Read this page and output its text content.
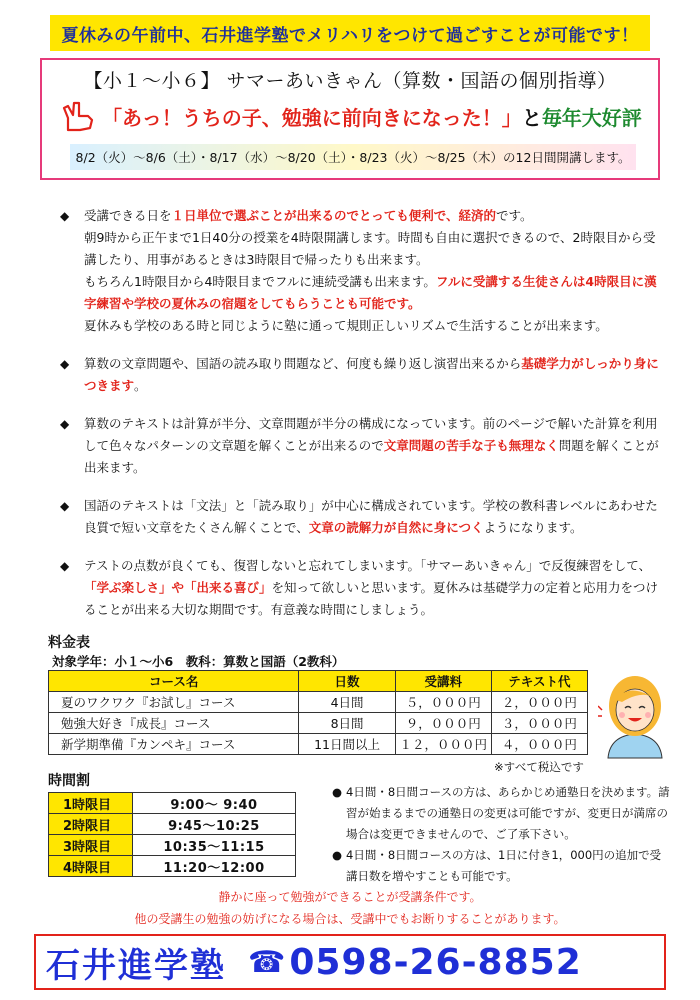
夏休みの午前中、石井進学塾でメリハリをつけて過ごすことが可能です！
【小１～小６】 サマーあいきゃん（算数・国語の個別指導）
「あっ！うちの子、勉強に前向きになった！」 と 毎年大好評
8/2（火）～8/6（土）・8/17（水）～8/20（土）・8/23（火）～8/25（木）の12日間開講します。
◆ 受講できる日を１日単位で選ぶことが出来るのでとっても便利で、経済的です。
朝9時から正午まで1日40分の授業を4時限開講します。時間も自由に選択できるので、2時限目から受講したり、用事があるときは3時限目で帰ったりも出来ます。
もちろん1時限目から4時限目までフルに連続受講も出来ます。フルに受講する生徒さんは4時限目に漢字練習や学校の夏休みの宿題をしてもらうことも可能です。
夏休みも学校のある時と同じように塾に通って規則正しいリズムで生活することが出来ます。
◆ 算数の文章問題や、国語の読み取り問題など、何度も繰り返し演習出来るから基礎学力がしっかり身につきます。
◆ 算数のテキストは計算が半分、文章問題が半分の構成になっています。前のページで解いた計算を利用して色々なパターンの文章題を解くことが出来るので文章問題の苦手な子も無理なく問題を解くことが出来ます。
◆ 国語のテキストは「文法」と「読み取り」が中心に構成されています。学校の教科書レベルにあわせた良質で短い文章をたくさん解くことで、文章の読解力が自然に身につくようになります。
◆ テストの点数が良くても、復習しないと忘れてしまいます。「サマーあいきゃん」で反復練習をして、「学ぶ楽しさ」や「出来る喜び」を知って欲しいと思います。夏休みは基礎学力の定着と応用力をつけることが出来る大切な期間です。有意義な時間にしましょう。
料金表
対象学年：小１～小6　教科：算数と国語（2教科）
コース名	日数	受講料	テキスト代
夏のワクワク『お試し』コース	4日間	５，０００円	２，０００円
勉強大好き『成長』コース	8日間	９，０００円	３，０００円
新学期準備『カンペキ』コース	11日間以上	１２，０００円	４，０００円
※すべて税込です
時間割
1時限目	9:00～ 9:40
2時限目	9:45～10:25
3時限目	10:35～11:15
4時限目	11:20～12:00

● 4日間・8日間コースの方は、あらかじめ通塾日を決めます。請習が始まるまでの通塾日の変更は可能ですが、変更日が満席の場合は変更できませんので、ご了承下さい。

● 4日間・8日間コースの方は、1日に付き1，000円の追加で受講日数を増やすことも可能です。

静かに座って勉強ができることが受講条件です。
他の受講生の勉強の妨げになる場合は、受講中でもお断りすることがあります。
石井進学塾 ☎ 0598-26-8852
